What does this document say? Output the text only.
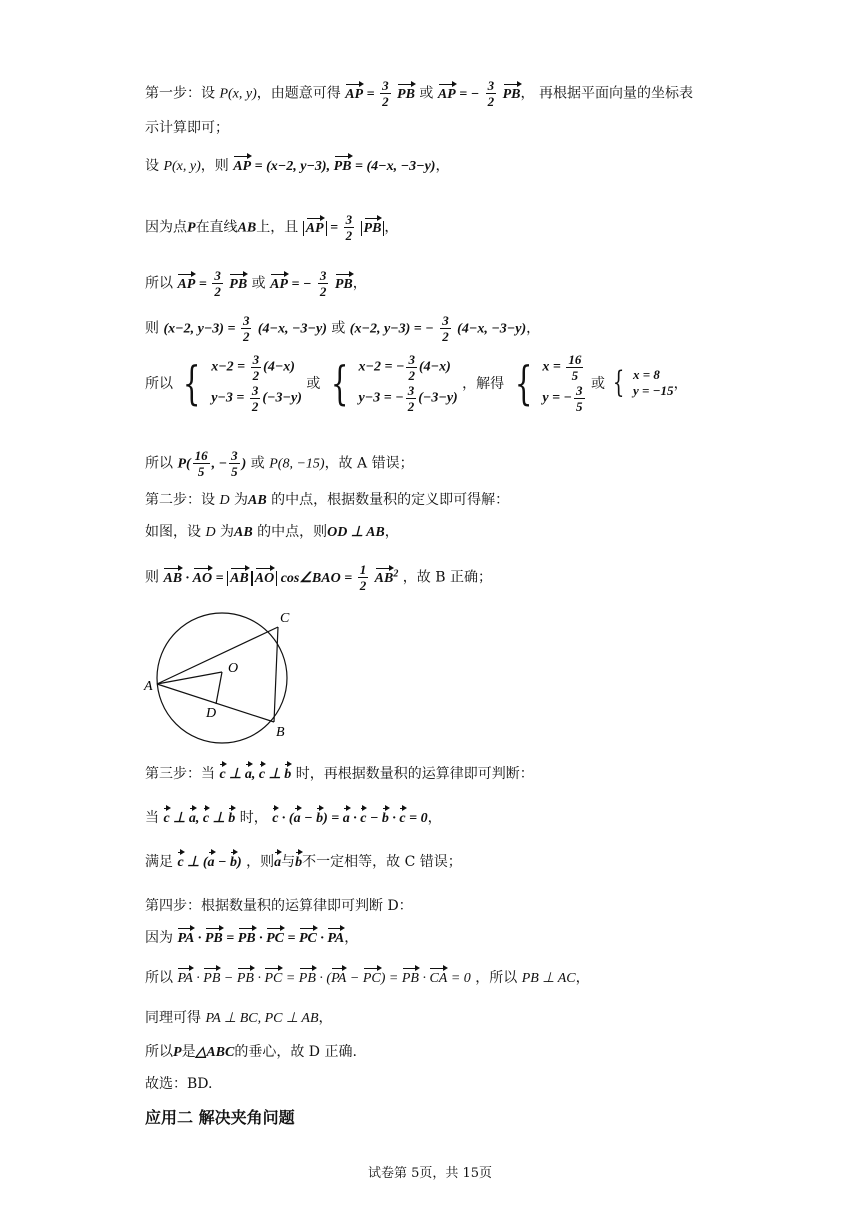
第一步：设 P(x, y)，由题意可得 AP = $\frac{3}{2}$ PB 或 AP = − $\frac{3}{2}$ PB， 再根据平面向量的坐标表
示计算即可；
设 P(x, y)，则 AP = (x−2, y−3), PB = (4−x, −3−y)，
因为点P在直线AB上，且 AP = $\frac{3}{2}$ PB ，
所以 AP = $\frac{3}{2}$ PB 或 AP = − $\frac{3}{2}$ PB，
则 (x−2, $y-3) = \frac{3}{2} (4-x$, −3−y) 或 (x−2, y−3) = − $\frac{3}{2} (4-x$, −3−y)，
所以 { $x-2 = \frac{3}{2} (4-x)$
$y-3 = \frac{3}{2} (-3-y)$
或 { x−2 = − $\frac{3}{2} (4-x)$
y−3 = − $\frac{3}{2} (-3-y)$
，解得 { $x = \frac{16}{5}$
y = − $\frac{3}{5}$ 或 { x = 8
y = −15 ，
所以 $P( \frac{16}{5}$ , − $\frac{3}{5}$ ) 或 P(8, −15)，故 A 错误；
第二步：设 D 为AB 的中点，根据数量积的定义即可得解：
如图，设 D 为AB 的中点，则OD ⊥ AB，
则 AB · AO = AB AO cos∠BAO = $\frac{1}{2} AB^2$ ，故 B 正确；
A
C
B
O
D
第三步：当 c ⊥ a, c ⊥ b 时，再根据数量积的运算律即可判断：
当 c ⊥ a, c ⊥ b 时， c · (a − b) = a · c − b · c = 0，
满足 c ⊥ (a − b) ，则a与b不一定相等，故 C 错误；
第四步：根据数量积的运算律即可判断 D：
因为 PA · PB = PB · PC = PC · PA，
所以 PA · PB − PB · PC = PB · (PA − PC) = PB · CA = 0 ，所以 PB ⊥ AC，
同理可得 PA ⊥ BC, PC ⊥ AB，
所以P是△ABC的垂心，故 D 正确.
故选：BD.
应用二 解决夹角问题
试卷第 5页，共 15页
